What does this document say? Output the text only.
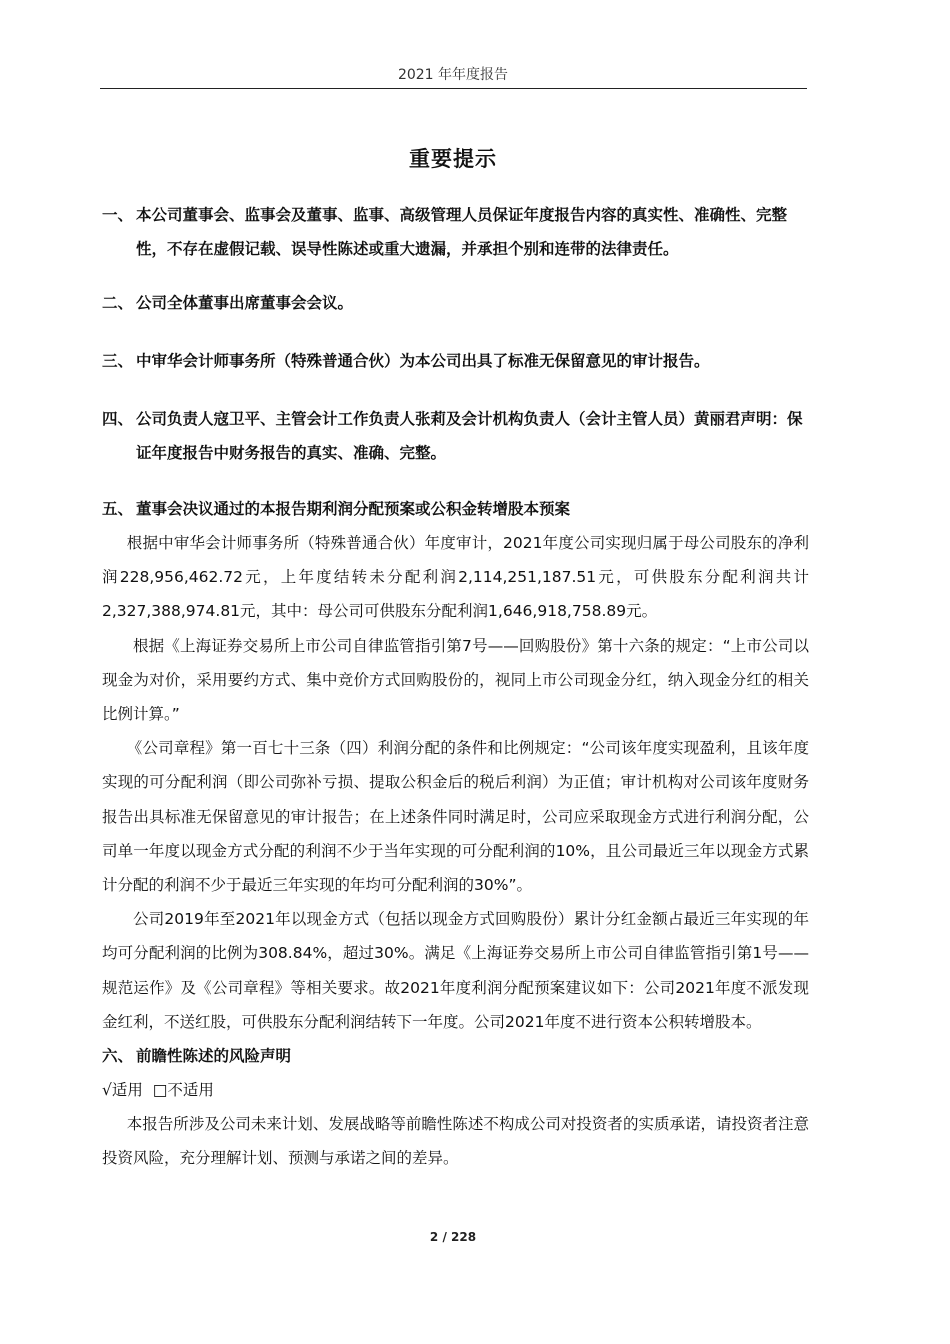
2021 年年度报告
重要提示

一、 本公司董事会、监事会及董事、监事、高级管理人员保证年度报告内容的真实性、准确性、完整性，不存在虚假记载、误导性陈述或重大遗漏，并承担个别和连带的法律责任。

二、 公司全体董事出席董事会会议。

三、 中审华会计师事务所（特殊普通合伙）为本公司出具了标准无保留意见的审计报告。

四、 公司负责人寇卫平、主管会计工作负责人张莉及会计机构负责人（会计主管人员）黄丽君声明：保证年度报告中财务报告的真实、准确、完整。

五、 董事会决议通过的本报告期利润分配预案或公积金转增股本预案

根据中审华会计师事务所（特殊普通合伙）年度审计，2021年度公司实现归属于母公司股东的净利润228,956,462.72元，上年度结转未分配利润2,114,251,187.51元，可供股东分配利润共计2,327,388,974.81元，其中：母公司可供股东分配利润1,646,918,758.89元。

根据《上海证券交易所上市公司自律监管指引第7号——回购股份》第十六条的规定：“上市公司以现金为对价，采用要约方式、集中竞价方式回购股份的，视同上市公司现金分红，纳入现金分红的相关比例计算。”

《公司章程》第一百七十三条（四）利润分配的条件和比例规定：“公司该年度实现盈利，且该年度实现的可分配利润（即公司弥补亏损、提取公积金后的税后利润）为正值；审计机构对公司该年度财务报告出具标准无保留意见的审计报告；在上述条件同时满足时，公司应采取现金方式进行利润分配，公司单一年度以现金方式分配的利润不少于当年实现的可分配利润的10%，且公司最近三年以现金方式累计分配的利润不少于最近三年实现的年均可分配利润的30%”。

公司2019年至2021年以现金方式（包括以现金方式回购股份）累计分红金额占最近三年实现的年均可分配利润的比例为308.84%，超过30%。满足《上海证券交易所上市公司自律监管指引第1号——规范运作》及《公司章程》等相关要求。故2021年度利润分配预案建议如下：公司2021年度不派发现金红利，不送红股，可供股东分配利润结转下一年度。公司2021年度不进行资本公积转增股本。

六、 前瞻性陈述的风险声明

√适用 □不适用

本报告所涉及公司未来计划、发展战略等前瞻性陈述不构成公司对投资者的实质承诺，请投资者注意投资风险，充分理解计划、预测与承诺之间的差异。

2 / 228
